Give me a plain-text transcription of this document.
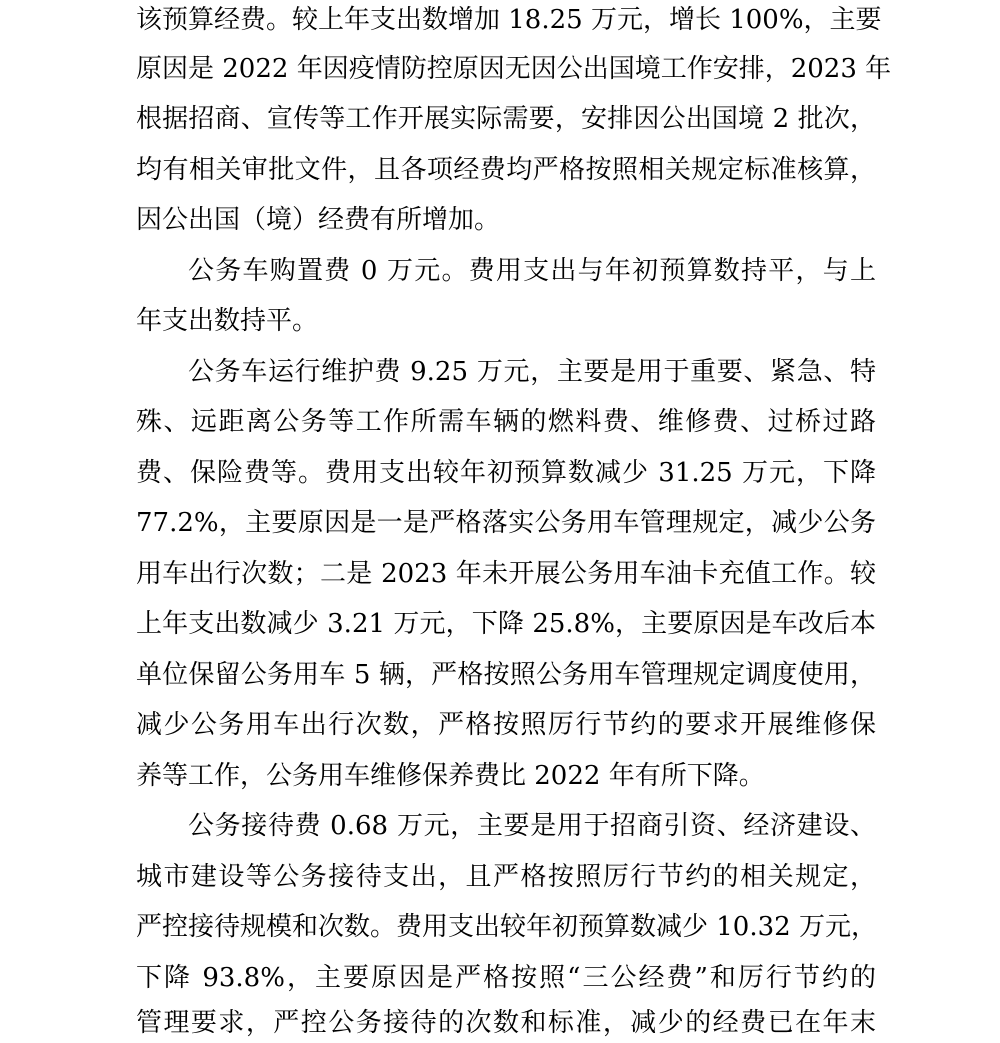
该预算经费。较上年支出数增加 18.25 万元，增长 100%，主要
原因是 2022 年因疫情防控原因无因公出国境工作安排，2023 年
根据招商、宣传等工作开展实际需要，安排因公出国境 2 批次，
均有相关审批文件，且各项经费均严格按照相关规定标准核算，
因公出国（境）经费有所增加。
公务车购置费 0 万元。费用支出与年初预算数持平，与上
年支出数持平。
公务车运行维护费 9.25 万元，主要是用于重要、紧急、特
殊、远距离公务等工作所需车辆的燃料费、维修费、过桥过路
费、保险费等。费用支出较年初预算数减少 31.25 万元，下降
77.2%，主要原因是一是严格落实公务用车管理规定，减少公务
用车出行次数；二是 2023 年未开展公务用车油卡充值工作。较
上年支出数减少 3.21 万元，下降 25.8%，主要原因是车改后本
单位保留公务用车 5 辆，严格按照公务用车管理规定调度使用，
减少公务用车出行次数，严格按照厉行节约的要求开展维修保
养等工作，公务用车维修保养费比 2022 年有所下降。
公务接待费 0.68 万元，主要是用于招商引资、经济建设、
城市建设等公务接待支出，且严格按照厉行节约的相关规定，
严控接待规模和次数。费用支出较年初预算数减少 10.32 万元，
下降 93.8%，主要原因是严格按照“三公经费”和厉行节约的
管理要求，严控公务接待的次数和标准，减少的经费已在年末
